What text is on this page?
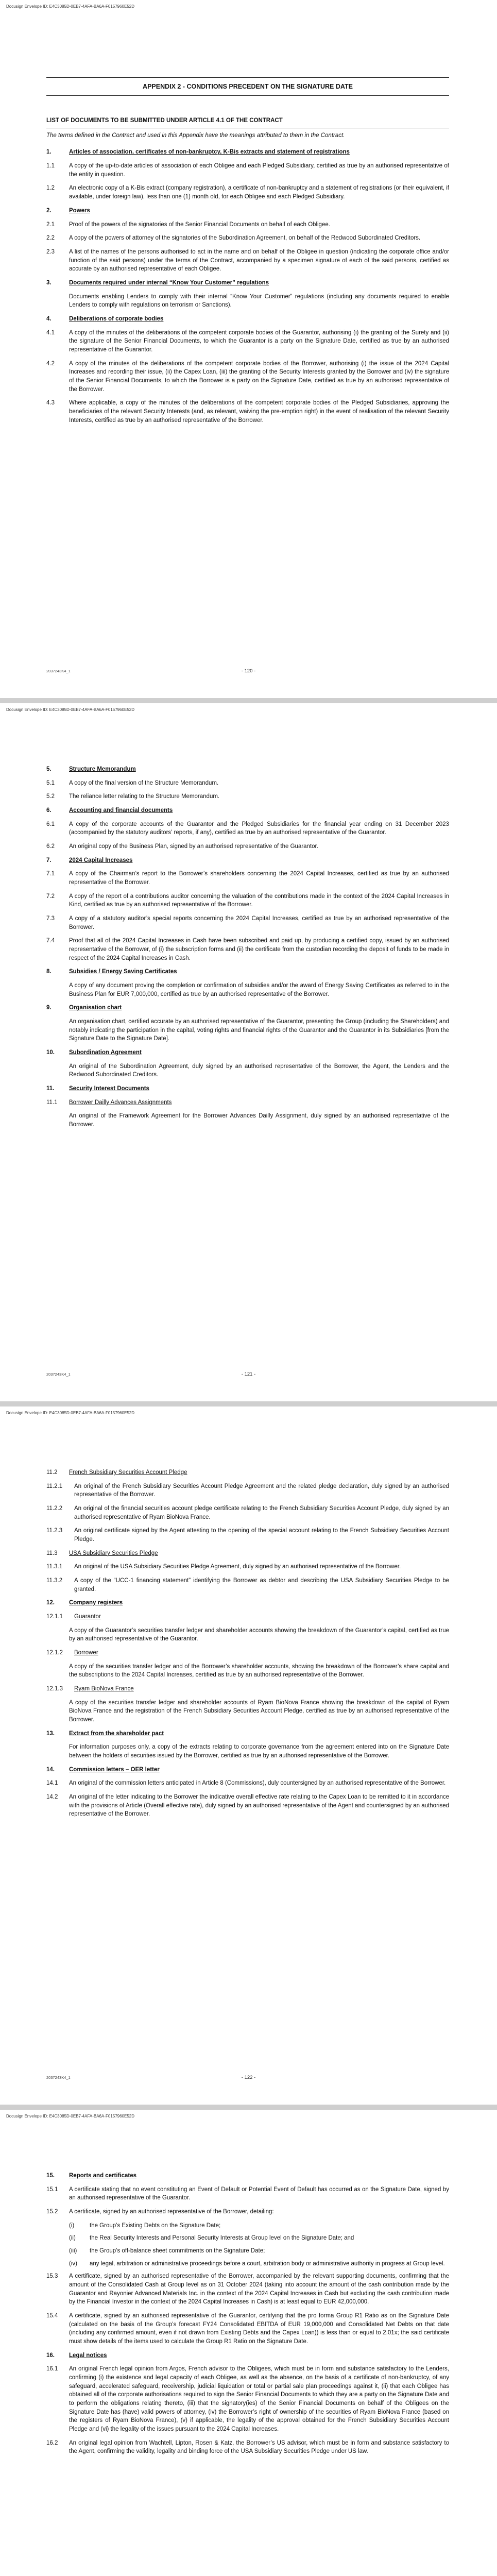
Docusign Envelope ID: E4C3085D-0EB7-4AFA-BA6A-F0157960E52D
APPENDIX 2 - CONDITIONS PRECEDENT ON THE SIGNATURE DATE
LIST OF DOCUMENTS TO BE SUBMITTED UNDER ARTICLE 4.1 OF THE CONTRACT
The terms defined in the Contract and used in this Appendix have the meanings attributed to them in the Contract.
1.	Articles of association, certificates of non-bankruptcy, K-Bis extracts and statement of registrations
1.1	A copy of the up-to-date articles of association of each Obligee and each Pledged Subsidiary, certified as true by an authorised representative of the entity in question.
1.2	An electronic copy of a K-Bis extract (company registration), a certificate of non-bankruptcy and a statement of registrations (or their equivalent, if available, under foreign law), less than one (1) month old, for each Obligee and each Pledged Subsidiary.
2.	Powers
2.1	Proof of the powers of the signatories of the Senior Financial Documents on behalf of each Obligee.
2.2	A copy of the powers of attorney of the signatories of the Subordination Agreement, on behalf of the Redwood Subordinated Creditors.
2.3	A list of the names of the persons authorised to act in the name and on behalf of the Obligee in question (indicating the corporate office and/or function of the said persons) under the terms of the Contract, accompanied by a specimen signature of each of the said persons, certified as accurate by an authorised representative of each Obligee.
3.	Documents required under internal “Know Your Customer” regulations
Documents enabling Lenders to comply with their internal “Know Your Customer” regulations (including any documents required to enable Lenders to comply with regulations on terrorism or Sanctions).
4.	Deliberations of corporate bodies
4.1	A copy of the minutes of the deliberations of the competent corporate bodies of the Guarantor, authorising (i) the granting of the Surety and (ii) the signature of the Senior Financial Documents, to which the Guarantor is a party on the Signature Date, certified as true by an authorised representative of the Guarantor.
4.2	A copy of the minutes of the deliberations of the competent corporate bodies of the Borrower, authorising (i) the issue of the 2024 Capital Increases and recording their issue, (ii) the Capex Loan, (iii) the granting of the Security Interests granted by the Borrower and (iv) the signature of the Senior Financial Documents, to which the Borrower is a party on the Signature Date, certified as true by an authorised representative of the Borrower.
4.3	Where applicable, a copy of the minutes of the deliberations of the competent corporate bodies of the Pledged Subsidiaries, approving the beneficiaries of the relevant Security Interests (and, as relevant, waiving the pre-emption right) in the event of realisation of the relevant Security Interests, certified as true by an authorised representative of the Borrower.
2037243K4_1	- 120 -
Docusign Envelope ID: E4C3085D-0EB7-4AFA-BA6A-F0157960E52D
5.	Structure Memorandum
5.1	A copy of the final version of the Structure Memorandum.
5.2	The reliance letter relating to the Structure Memorandum.
6.	Accounting and financial documents
6.1	A copy of the corporate accounts of the Guarantor and the Pledged Subsidiaries for the financial year ending on 31 December 2023 (accompanied by the statutory auditors’ reports, if any), certified as true by an authorised representative of the Guarantor.
6.2	An original copy of the Business Plan, signed by an authorised representative of the Guarantor.
7.	2024 Capital Increases
7.1	A copy of the Chairman’s report to the Borrower’s shareholders concerning the 2024 Capital Increases, certified as true by an authorised representative of the Borrower.
7.2	A copy of the report of a contributions auditor concerning the valuation of the contributions made in the context of the 2024 Capital Increases in Kind, certified as true by an authorised representative of the Borrower.
7.3	A copy of a statutory auditor’s special reports concerning the 2024 Capital Increases, certified as true by an authorised representative of the Borrower.
7.4	Proof that all of the 2024 Capital Increases in Cash have been subscribed and paid up, by producing a certified copy, issued by an authorised representative of the Borrower, of (i) the subscription forms and (ii) the certificate from the custodian recording the deposit of funds to be made in respect of the 2024 Capital Increases in Cash.
8.	Subsidies / Energy Saving Certificates
A copy of any document proving the completion or confirmation of subsidies and/or the award of Energy Saving Certificates as referred to in the Business Plan for EUR 7,000,000, certified as true by an authorised representative of the Borrower.
9.	Organisation chart
An organisation chart, certified accurate by an authorised representative of the Guarantor, presenting the Group (including the Shareholders) and notably indicating the participation in the capital, voting rights and financial rights of the Guarantor and the Guarantor in its Subsidiaries [from the Signature Date to the Signature Date].
10.	Subordination Agreement
An original of the Subordination Agreement, duly signed by an authorised representative of the Borrower, the Agent, the Lenders and the Redwood Subordinated Creditors.
11.	Security Interest Documents
11.1	Borrower Dailly Advances Assignments
An original of the Framework Agreement for the Borrower Advances Dailly Assignment, duly signed by an authorised representative of the Borrower.
2037243K4_1	- 121 -
Docusign Envelope ID: E4C3085D-0EB7-4AFA-BA6A-F0157960E52D
11.2	French Subsidiary Securities Account Pledge
11.2.1	An original of the French Subsidiary Securities Account Pledge Agreement and the related pledge declaration, duly signed by an authorised representative of the Borrower.
11.2.2	An original of the financial securities account pledge certificate relating to the French Subsidiary Securities Account Pledge, duly signed by an authorised representative of Ryam BioNova France.
11.2.3	An original certificate signed by the Agent attesting to the opening of the special account relating to the French Subsidiary Securities Account Pledge.
11.3	USA Subsidiary Securities Pledge
11.3.1	An original of the USA Subsidiary Securities Pledge Agreement, duly signed by an authorised representative of the Borrower.
11.3.2	A copy of the “UCC-1 financing statement” identifying the Borrower as debtor and describing the USA Subsidiary Securities Pledge to be granted.
12.	Company registers
12.1.1	Guarantor
A copy of the Guarantor’s securities transfer ledger and shareholder accounts showing the breakdown of the Guarantor’s capital, certified as true by an authorised representative of the Guarantor.
12.1.2	Borrower
A copy of the securities transfer ledger and of the Borrower’s shareholder accounts, showing the breakdown of the Borrower’s share capital and the subscriptions to the 2024 Capital Increases, certified as true by an authorised representative of the Borrower.
12.1.3	Ryam BioNova France
A copy of the securities transfer ledger and shareholder accounts of Ryam BioNova France showing the breakdown of the capital of Ryam BioNova France and the registration of the French Subsidiary Securities Account Pledge, certified as true by an authorised representative of the Borrower.
13.	Extract from the shareholder pact
For information purposes only, a copy of the extracts relating to corporate governance from the agreement entered into on the Signature Date between the holders of securities issued by the Borrower, certified as true by an authorised representative of the Borrower.
14.	Commission letters – OER letter
14.1	An original of the commission letters anticipated in Article 8 (Commissions), duly countersigned by an authorised representative of the Borrower.
14.2	An original of the letter indicating to the Borrower the indicative overall effective rate relating to the Capex Loan to be remitted to it in accordance with the provisions of Article (Overall effective rate), duly signed by an authorised representative of the Agent and countersigned by an authorised representative of the Borrower.
2037243K4_1	- 122 -
Docusign Envelope ID: E4C3085D-0EB7-4AFA-BA6A-F0157960E52D
15.	Reports and certificates
15.1	A certificate stating that no event constituting an Event of Default or Potential Event of Default has occurred as on the Signature Date, signed by an authorised representative of the Guarantor.
15.2	A certificate, signed by an authorised representative of the Borrower, detailing:
(i)	the Group’s Existing Debts on the Signature Date;
(ii)	the Real Security Interests and Personal Security Interests at Group level on the Signature Date; and
(iii)	the Group’s off-balance sheet commitments on the Signature Date;
(iv)	any legal, arbitration or administrative proceedings before a court, arbitration body or administrative authority in progress at Group level.
15.3	A certificate, signed by an authorised representative of the Borrower, accompanied by the relevant supporting documents, confirming that the amount of the Consolidated Cash at Group level as on 31 October 2024 (taking into account the amount of the cash contribution made by the Guarantor and Rayonier Advanced Materials Inc. in the context of the 2024 Capital Increases in Cash but excluding the cash contribution made by the Financial Investor in the context of the 2024 Capital Increases in Cash) is at least equal to EUR 42,000,000.
15.4	A certificate, signed by an authorised representative of the Guarantor, certifying that the pro forma Group R1 Ratio as on the Signature Date (calculated on the basis of the Group’s forecast FY24 Consolidated EBITDA of EUR 19,000,000 and Consolidated Net Debts on that date (including any confirmed amount, even if not drawn from Existing Debts and the Capex Loan)) is less than or equal to 2.01x; the said certificate must show details of the items used to calculate the Group R1 Ratio on the Signature Date.
16.	Legal notices
16.1	An original French legal opinion from Argos, French advisor to the Obligees, which must be in form and substance satisfactory to the Lenders, confirming (i) the existence and legal capacity of each Obligee, as well as the absence, on the basis of a certificate of non-bankruptcy, of any safeguard, accelerated safeguard, receivership, judicial liquidation or total or partial sale plan proceedings against it, (ii) that each Obligee has obtained all of the corporate authorisations required to sign the Senior Financial Documents to which they are a party on the Signature Date and to perform the obligations relating thereto, (iii) that the signatory(ies) of the Senior Financial Documents on behalf of the Obligees on the Signature Date has (have) valid powers of attorney, (iv) the Borrower’s right of ownership of the securities of Ryam BioNova France (based on the registers of Ryam BioNova France), (v) if applicable, the legality of the approval obtained for the French Subsidiary Securities Account Pledge and (vi) the legality of the issues pursuant to the 2024 Capital Increases.
16.2	An original legal opinion from Wachtell, Lipton, Rosen & Katz, the Borrower’s US advisor, which must be in form and substance satisfactory to the Agent, confirming the validity, legality and binding force of the USA Subsidiary Securities Pledge under US law.
